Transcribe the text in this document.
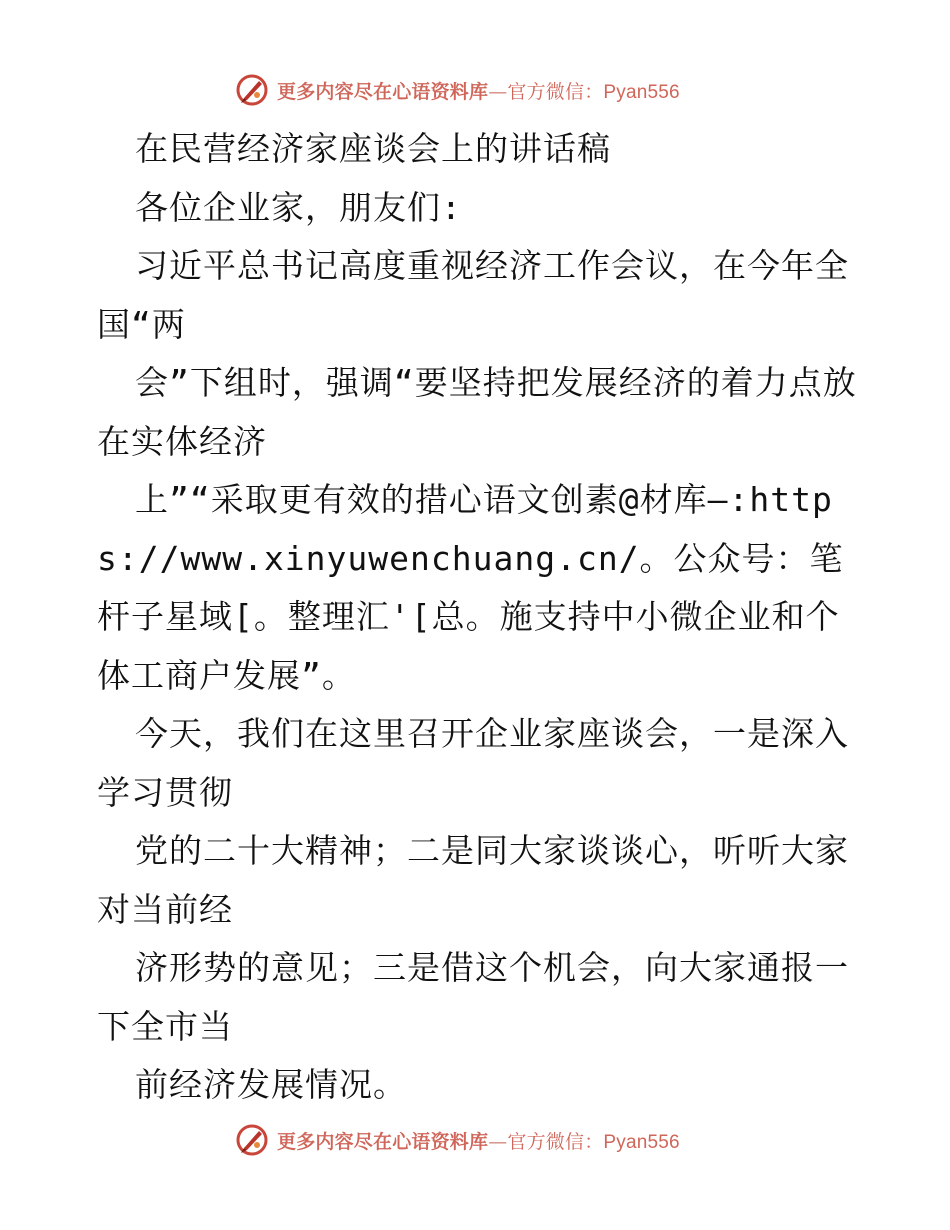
更多内容尽在心语资料库—官方微信：Pyan556

在民营经济家座谈会上的讲话稿

各位企业家，朋友们:

习近平总书记高度重视经济工作会议，在今年全国“两

会”下组时，强调“要坚持把发展经济的着力点放在实体经济

上”“采取更有效的措心语文创素@材库—:https://www.xinyuwenchuang.cn/。公众号：笔杆子星域[。整理汇'[总。施支持中小微企业和个体工商户发展”。

今天，我们在这里召开企业家座谈会，一是深入学习贯彻

党的二十大精神；二是同大家谈谈心，听听大家对当前经

济形势的意见；三是借这个机会，向大家通报一下全市当

前经济发展情况。

更多内容尽在心语资料库—官方微信：Pyan556
